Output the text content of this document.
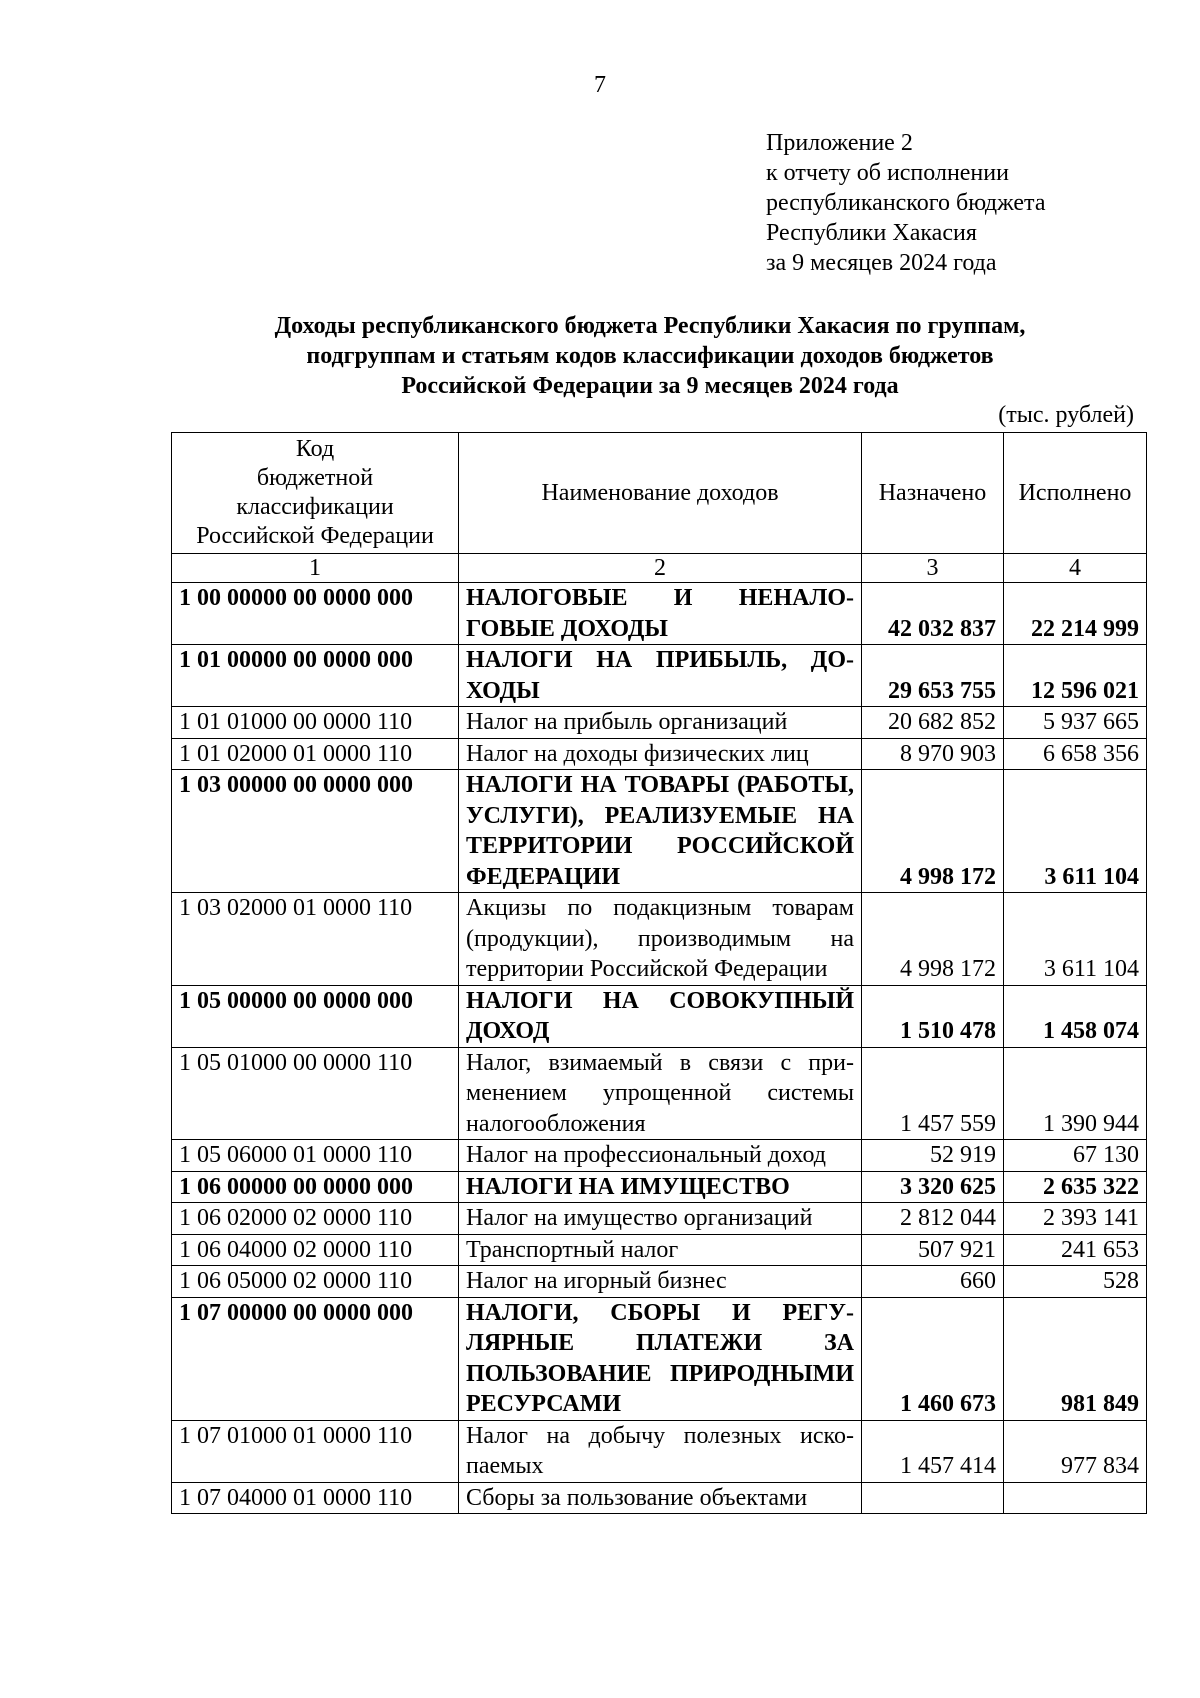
7
Приложение 2
к отчету об исполнении
республиканского бюджета
Республики Хакасия
за 9 месяцев 2024 года
Доходы республиканского бюджета Республики Хакасия по группам,
подгруппам и статьям кодов классификации доходов бюджетов
Российской Федерации за 9 месяцев 2024 года
(тыс. рублей)
Код
бюджетной
классификации
Российской Федерации	Наименование доходов	Назначено	Исполнено
1	2	3	4
1 00 00000 00 0000 000	НАЛОГОВЫЕ И НЕНАЛОГОВЫЕ ДОХОДЫ	42 032 837	22 214 999
1 01 00000 00 0000 000	НАЛОГИ НА ПРИБЫЛЬ, ДОХОДЫ	29 653 755	12 596 021
1 01 01000 00 0000 110	Налог на прибыль организаций	20 682 852	5 937 665
1 01 02000 01 0000 110	Налог на доходы физических лиц	8 970 903	6 658 356
1 03 00000 00 0000 000	НАЛОГИ НА ТОВАРЫ (РАБОТЫ, УСЛУГИ), РЕАЛИЗУЕМЫЕ НА ТЕРРИТОРИИ РОССИЙСКОЙ ФЕДЕРАЦИИ	4 998 172	3 611 104
1 03 02000 01 0000 110	Акцизы по подакцизным товарам (продукции), производимым на территории Российской Федерации	4 998 172	3 611 104
1 05 00000 00 0000 000	НАЛОГИ НА СОВОКУПНЫЙ ДОХОД	1 510 478	1 458 074
1 05 01000 00 0000 110	Налог, взимаемый в связи с применением упрощенной системы налогообложения	1 457 559	1 390 944
1 05 06000 01 0000 110	Налог на профессиональный доход	52 919	67 130
1 06 00000 00 0000 000	НАЛОГИ НА ИМУЩЕСТВО	3 320 625	2 635 322
1 06 02000 02 0000 110	Налог на имущество организаций	2 812 044	2 393 141
1 06 04000 02 0000 110	Транспортный налог	507 921	241 653
1 06 05000 02 0000 110	Налог на игорный бизнес	660	528
1 07 00000 00 0000 000	НАЛОГИ, СБОРЫ И РЕГУЛЯРНЫЕ ПЛАТЕЖИ ЗА ПОЛЬЗОВАНИЕ ПРИРОДНЫМИ РЕСУРСАМИ	1 460 673	981 849
1 07 01000 01 0000 110	Налог на добычу полезных ископаемых	1 457 414	977 834
1 07 04000 01 0000 110	Сборы за пользование объектами		
